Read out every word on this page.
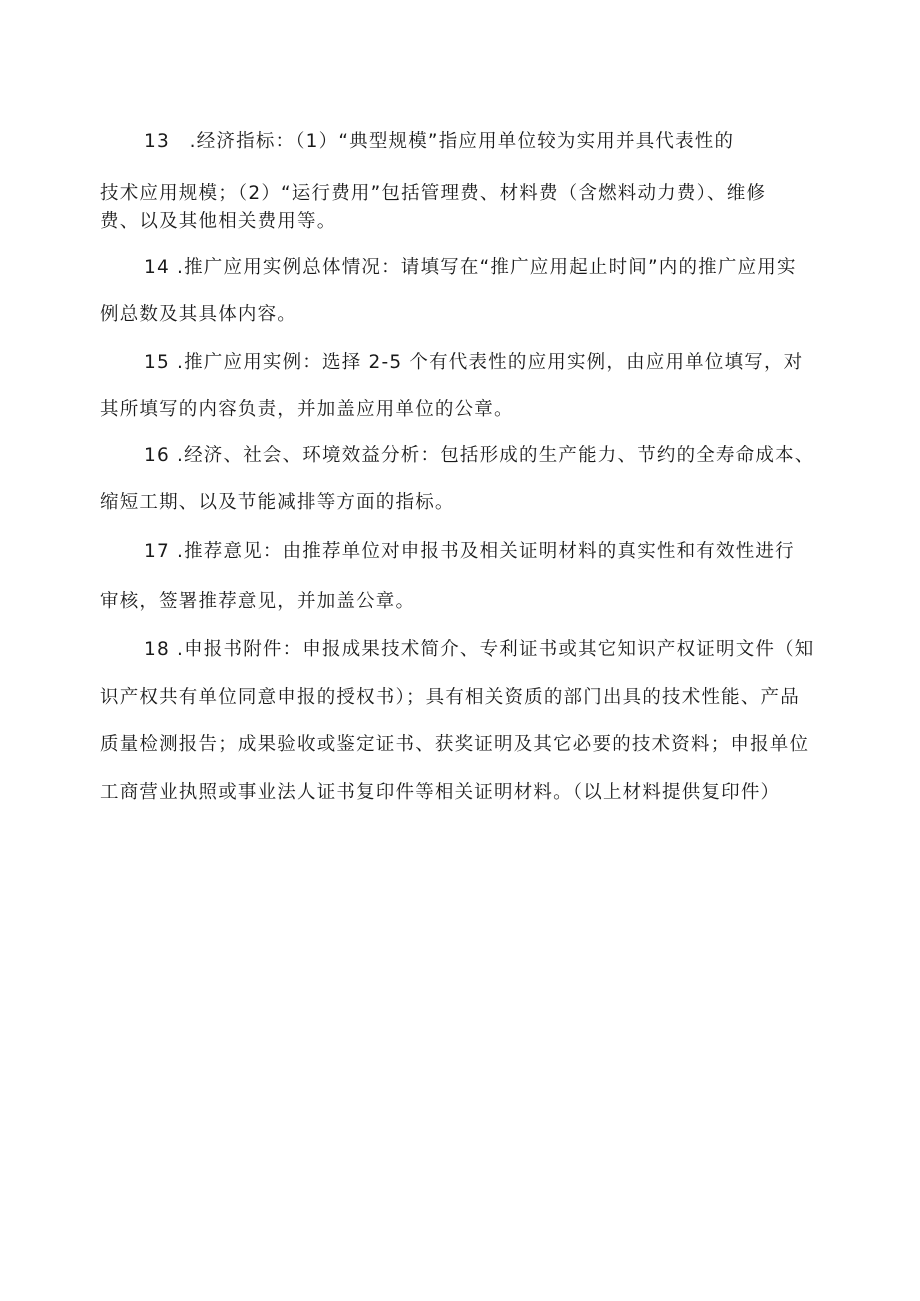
13　.经济指标：（1）“典型规模”指应用单位较为实用并具代表性的
技术应用规模；（2）“运行费用”包括管理费、材料费（含燃料动力费）、维修
费、以及其他相关费用等。
14 .推广应用实例总体情况：请填写在“推广应用起止时间”内的推广应用实
例总数及其具体内容。
15 .推广应用实例：选择 2-5 个有代表性的应用实例，由应用单位填写，对
其所填写的内容负责，并加盖应用单位的公章。
16 .经济、社会、环境效益分析：包括形成的生产能力、节约的全寿命成本、
缩短工期、以及节能减排等方面的指标。
17 .推荐意见：由推荐单位对申报书及相关证明材料的真实性和有效性进行
审核，签署推荐意见，并加盖公章。
18 .申报书附件：申报成果技术简介、专利证书或其它知识产权证明文件（知
识产权共有单位同意申报的授权书）；具有相关资质的部门出具的技术性能、产品
质量检测报告；成果验收或鉴定证书、获奖证明及其它必要的技术资料；申报单位
工商营业执照或事业法人证书复印件等相关证明材料。（以上材料提供复印件）
